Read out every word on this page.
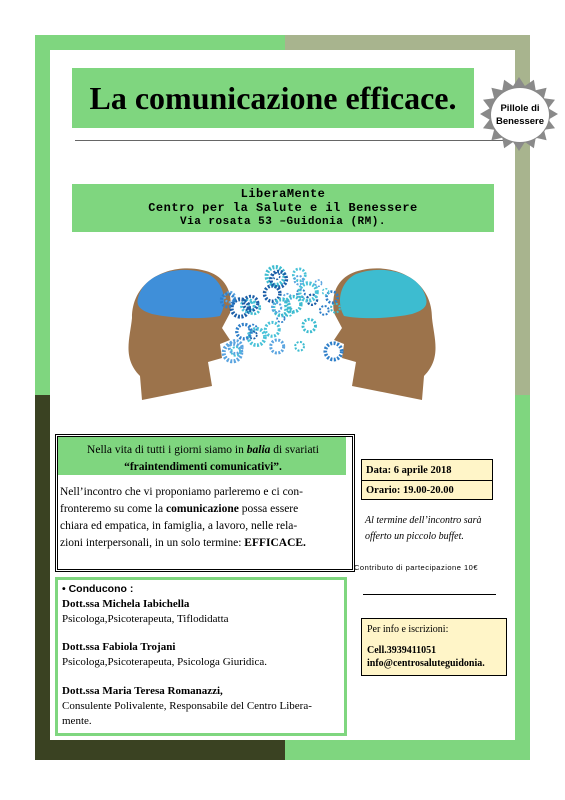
La comunicazione efficace.	Pillole di
Benessere
LiberaMente
Centro per la Salute e il Benessere
Via rosata 53 –Guidonia (RM).
Nella vita di tutti i giorni siamo in balia di svariati
“fraintendimenti comunicativi”.
Nell’incontro che vi proponiamo parleremo e ci con-
fronteremo su come la comunicazione possa essere
chiara ed empatica, in famiglia, a lavoro, nelle rela-
zioni interpersonali, in un solo termine: EFFICACE.
Data: 6 aprile 2018
Orario: 19.00-20.00
Al termine dell’incontro sarà
offerto un piccolo buffet.
Contributo di partecipazione 10€
Per info e iscrizioni:
Cell.3939411051
info@centrosaluteguidonia.
• Conducono :
Dott.ssa Michela Iabichella
Psicologa,Psicoterapeuta, Tiflodidatta
Dott.ssa Fabiola Trojani
Psicologa,Psicoterapeuta, Psicologa Giuridica.
Dott.ssa Maria Teresa Romanazzi,
Consulente Polivalente, Responsabile del Centro Libera-
mente.
